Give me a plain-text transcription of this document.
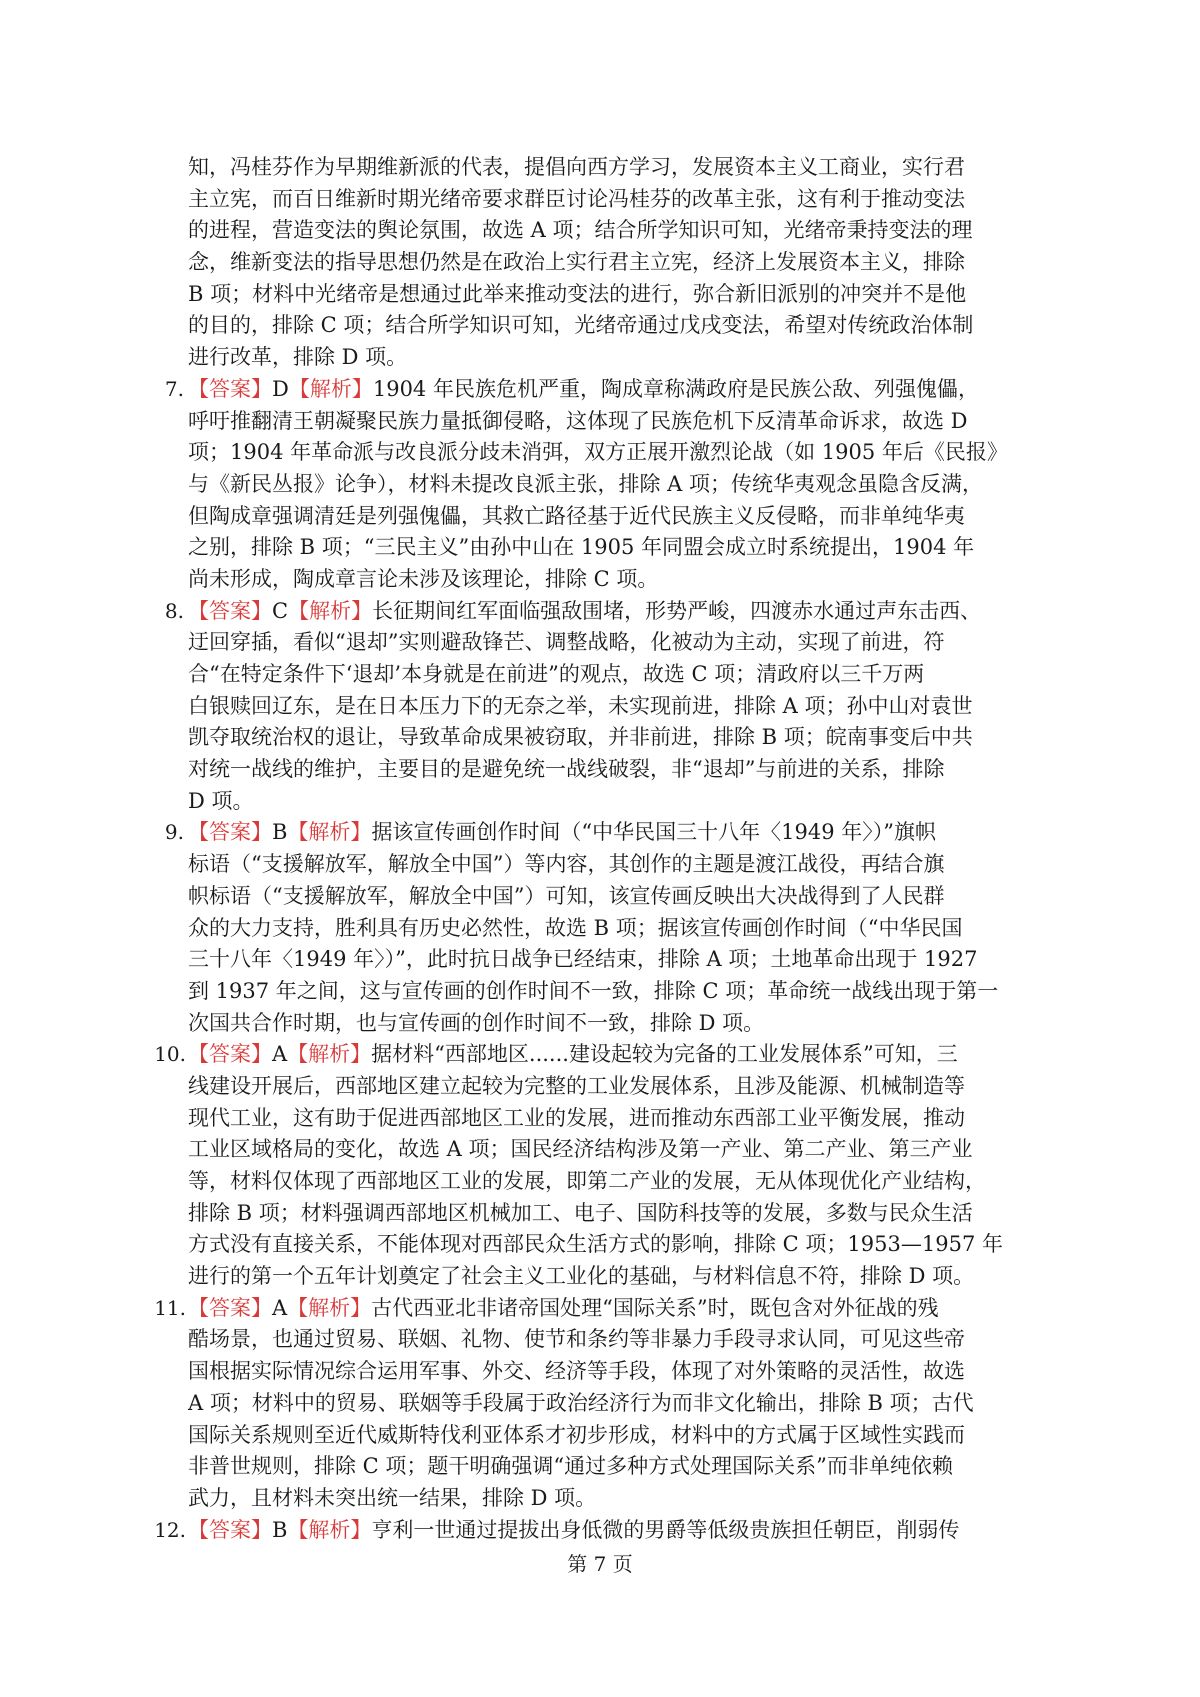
知，冯桂芬作为早期维新派的代表，提倡向西方学习，发展资本主义工商业，实行君
主立宪，而百日维新时期光绪帝要求群臣讨论冯桂芬的改革主张，这有利于推动变法
的进程，营造变法的舆论氛围，故选 A 项；结合所学知识可知，光绪帝秉持变法的理
念，维新变法的指导思想仍然是在政治上实行君主立宪，经济上发展资本主义，排除
B 项；材料中光绪帝是想通过此举来推动变法的进行，弥合新旧派别的冲突并不是他
的目的，排除 C 项；结合所学知识可知，光绪帝通过戊戌变法，希望对传统政治体制
进行改革，排除 D 项。
7. 【答案】D【解析】1904 年民族危机严重，陶成章称满政府是民族公敌、列强傀儡，
呼吁推翻清王朝凝聚民族力量抵御侵略，这体现了民族危机下反清革命诉求，故选 D
项；1904 年革命派与改良派分歧未消弭，双方正展开激烈论战（如 1905 年后《民报》
与《新民丛报》论争），材料未提改良派主张，排除 A 项；传统华夷观念虽隐含反满，
但陶成章强调清廷是列强傀儡，其救亡路径基于近代民族主义反侵略，而非单纯华夷
之别，排除 B 项；“三民主义”由孙中山在 1905 年同盟会成立时系统提出，1904 年
尚未形成，陶成章言论未涉及该理论，排除 C 项。
8. 【答案】C【解析】长征期间红军面临强敌围堵，形势严峻，四渡赤水通过声东击西、
迂回穿插，看似“退却”实则避敌锋芒、调整战略，化被动为主动，实现了前进，符
合“在特定条件下‘退却’本身就是在前进”的观点，故选 C 项；清政府以三千万两
白银赎回辽东，是在日本压力下的无奈之举，未实现前进，排除 A 项；孙中山对袁世
凯夺取统治权的退让，导致革命成果被窃取，并非前进，排除 B 项；皖南事变后中共
对统一战线的维护，主要目的是避免统一战线破裂，非“退却”与前进的关系，排除
D 项。
9. 【答案】B【解析】据该宣传画创作时间（“中华民国三十八年〈1949 年〉）”旗帜
标语（“支援解放军，解放全中国”）等内容，其创作的主题是渡江战役，再结合旗
帜标语（“支援解放军，解放全中国”）可知，该宣传画反映出大决战得到了人民群
众的大力支持，胜利具有历史必然性，故选 B 项；据该宣传画创作时间（“中华民国
三十八年〈1949 年〉）”，此时抗日战争已经结束，排除 A 项；土地革命出现于 1927
到 1937 年之间，这与宣传画的创作时间不一致，排除 C 项；革命统一战线出现于第一
次国共合作时期，也与宣传画的创作时间不一致，排除 D 项。
10. 【答案】A【解析】据材料“西部地区......建设起较为完备的工业发展体系”可知，三
线建设开展后，西部地区建立起较为完整的工业发展体系，且涉及能源、机械制造等
现代工业，这有助于促进西部地区工业的发展，进而推动东西部工业平衡发展，推动
工业区域格局的变化，故选 A 项；国民经济结构涉及第一产业、第二产业、第三产业
等，材料仅体现了西部地区工业的发展，即第二产业的发展，无从体现优化产业结构，
排除 B 项；材料强调西部地区机械加工、电子、国防科技等的发展，多数与民众生活
方式没有直接关系，不能体现对西部民众生活方式的影响，排除 C 项；1953—1957 年
进行的第一个五年计划奠定了社会主义工业化的基础，与材料信息不符，排除 D 项。
11. 【答案】A【解析】古代西亚北非诸帝国处理“国际关系”时，既包含对外征战的残
酷场景，也通过贸易、联姻、礼物、使节和条约等非暴力手段寻求认同，可见这些帝
国根据实际情况综合运用军事、外交、经济等手段，体现了对外策略的灵活性，故选
A 项；材料中的贸易、联姻等手段属于政治经济行为而非文化输出，排除 B 项；古代
国际关系规则至近代威斯特伐利亚体系才初步形成，材料中的方式属于区域性实践而
非普世规则，排除 C 项；题干明确强调“通过多种方式处理国际关系”而非单纯依赖
武力，且材料未突出统一结果，排除 D 项。
12. 【答案】B【解析】亨利一世通过提拔出身低微的男爵等低级贵族担任朝臣，削弱传
第 7 页
